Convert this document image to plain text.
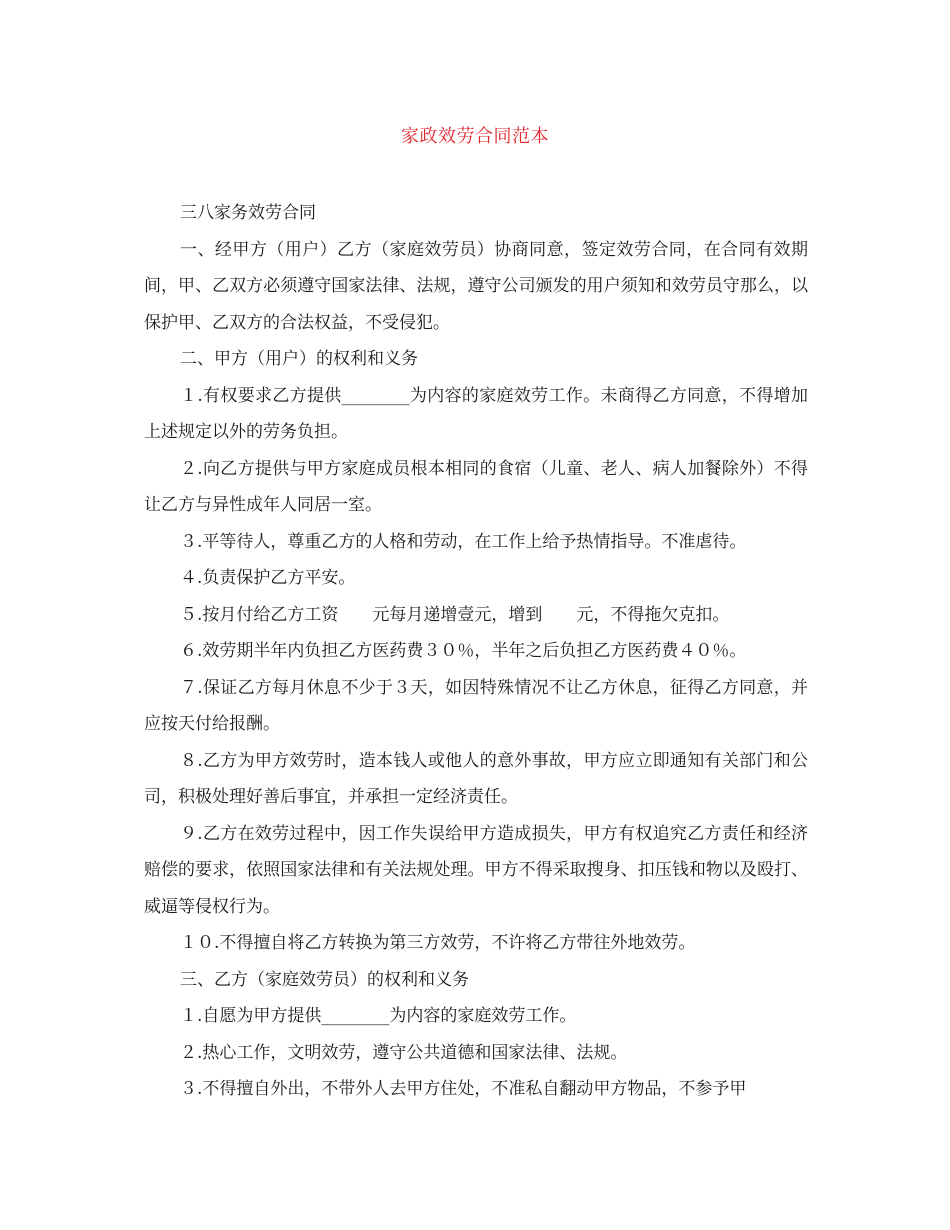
家政效劳合同范本

三八家务效劳合同

一、经甲方（用户）乙方（家庭效劳员）协商同意，签定效劳合同，在合同有效期间，甲、乙双方必须遵守国家法律、法规，遵守公司颁发的用户须知和效劳员守那么，以保护甲、乙双方的合法权益，不受侵犯。

二、甲方（用户）的权利和义务

１.有权要求乙方提供________为内容的家庭效劳工作。未商得乙方同意，不得增加上述规定以外的劳务负担。

２.向乙方提供与甲方家庭成员根本相同的食宿（儿童、老人、病人加餐除外）不得让乙方与异性成年人同居一室。

３.平等待人，尊重乙方的人格和劳动，在工作上给予热情指导。不准虐待。

４.负责保护乙方平安。

５.按月付给乙方工资　　元每月递增壹元，增到　　元，不得拖欠克扣。

６.效劳期半年内负担乙方医药费３０％，半年之后负担乙方医药费４０％。

７.保证乙方每月休息不少于３天，如因特殊情况不让乙方休息，征得乙方同意，并应按天付给报酬。

８.乙方为甲方效劳时，造本钱人或他人的意外事故，甲方应立即通知有关部门和公司，积极处理好善后事宜，并承担一定经济责任。

９.乙方在效劳过程中，因工作失误给甲方造成损失，甲方有权追究乙方责任和经济赔偿的要求，依照国家法律和有关法规处理。甲方不得采取搜身、扣压钱和物以及殴打、威逼等侵权行为。

１０.不得擅自将乙方转换为第三方效劳，不许将乙方带往外地效劳。

三、乙方（家庭效劳员）的权利和义务

１.自愿为甲方提供________为内容的家庭效劳工作。

２.热心工作，文明效劳，遵守公共道德和国家法律、法规。

３.不得擅自外出，不带外人去甲方住处，不准私自翻动甲方物品，不参予甲
